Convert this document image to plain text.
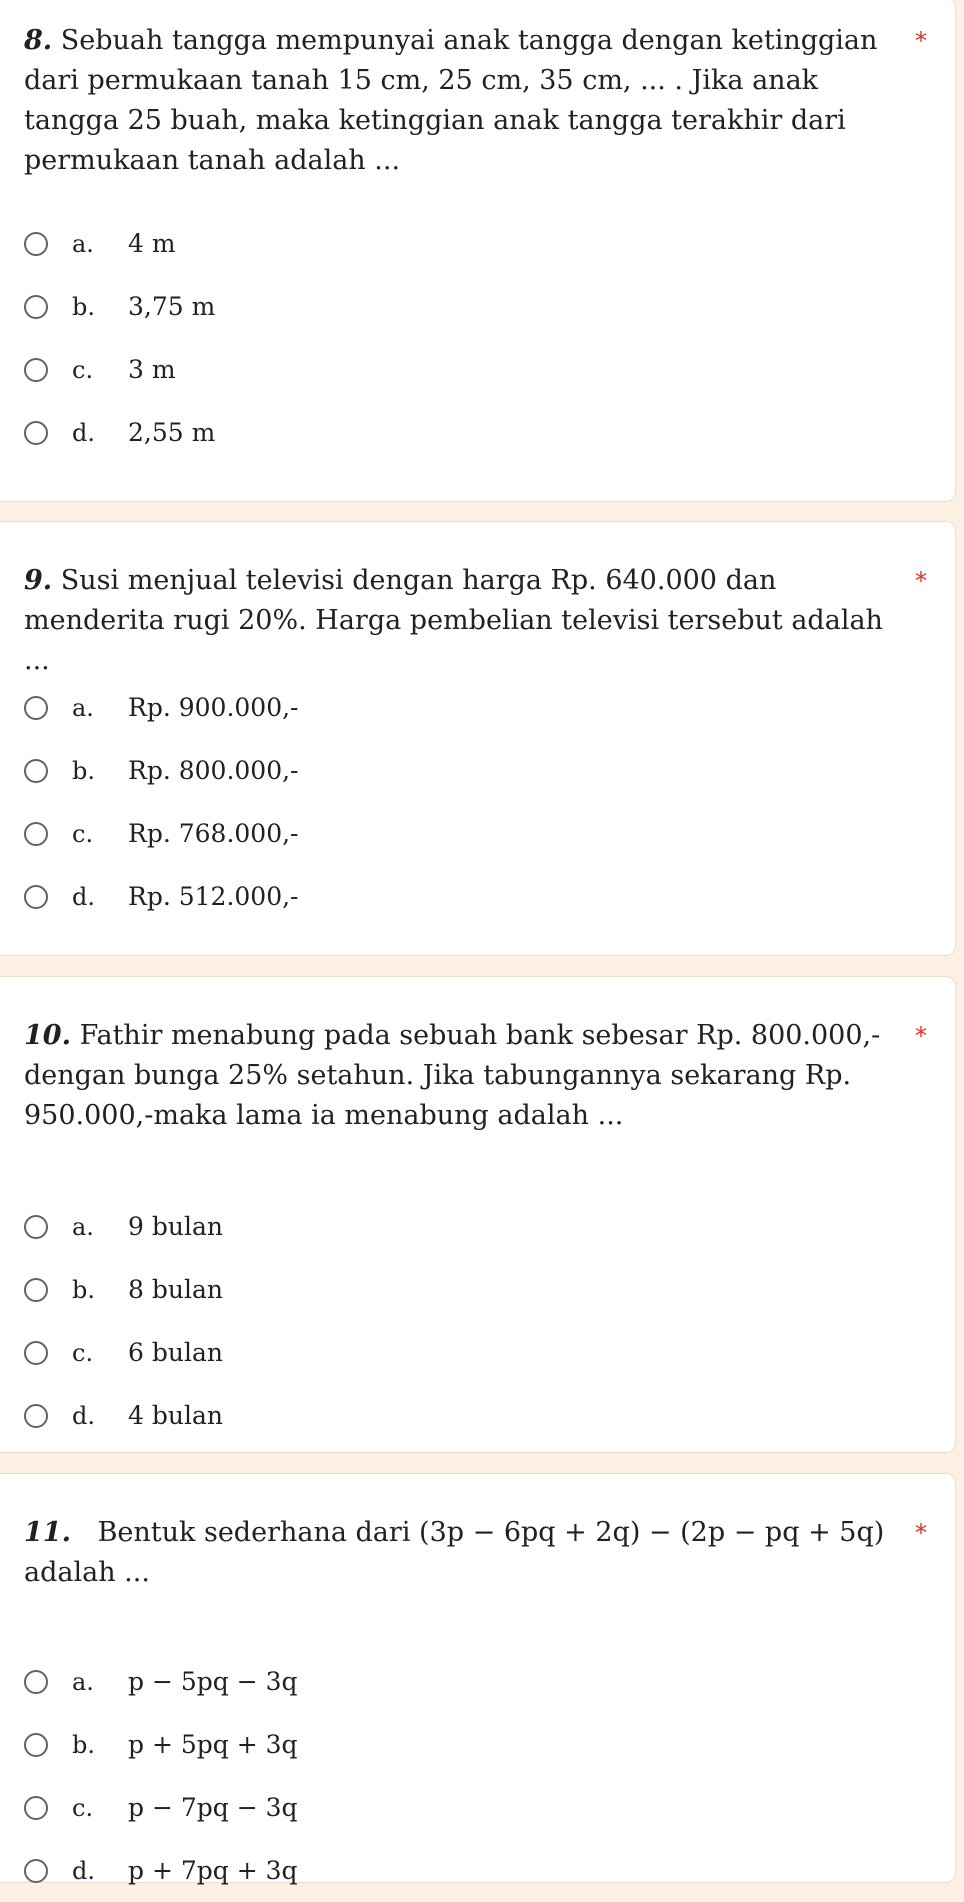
8. Sebuah tangga mempunyai anak tangga dengan ketinggian dari permukaan tanah 15 cm, 25 cm, 35 cm, ... . Jika anak tangga 25 buah, maka ketinggian anak tangga terakhir dari permukaan tanah adalah ...
*
a.	4 m
b.	3,75 m
c.	3 m
d.	2,55 m
9. Susi menjual televisi dengan harga Rp. 640.000 dan menderita rugi 20%. Harga pembelian televisi tersebut adalah ...
*
a.	Rp. 900.000,-
b.	Rp. 800.000,-
c.	Rp. 768.000,-
d.	Rp. 512.000,-
10. Fathir menabung pada sebuah bank sebesar Rp. 800.000,- dengan bunga 25% setahun. Jika tabungannya sekarang Rp. 950.000,-maka lama ia menabung adalah ...
*
a.	9 bulan
b.	8 bulan
c.	6 bulan
d.	4 bulan
11. Bentuk sederhana dari (3p − 6pq + 2q) − (2p − pq + 5q) adalah ...
*
a.	p − 5pq − 3q
b.	p + 5pq + 3q
c.	p − 7pq − 3q
d.	p + 7pq + 3q
